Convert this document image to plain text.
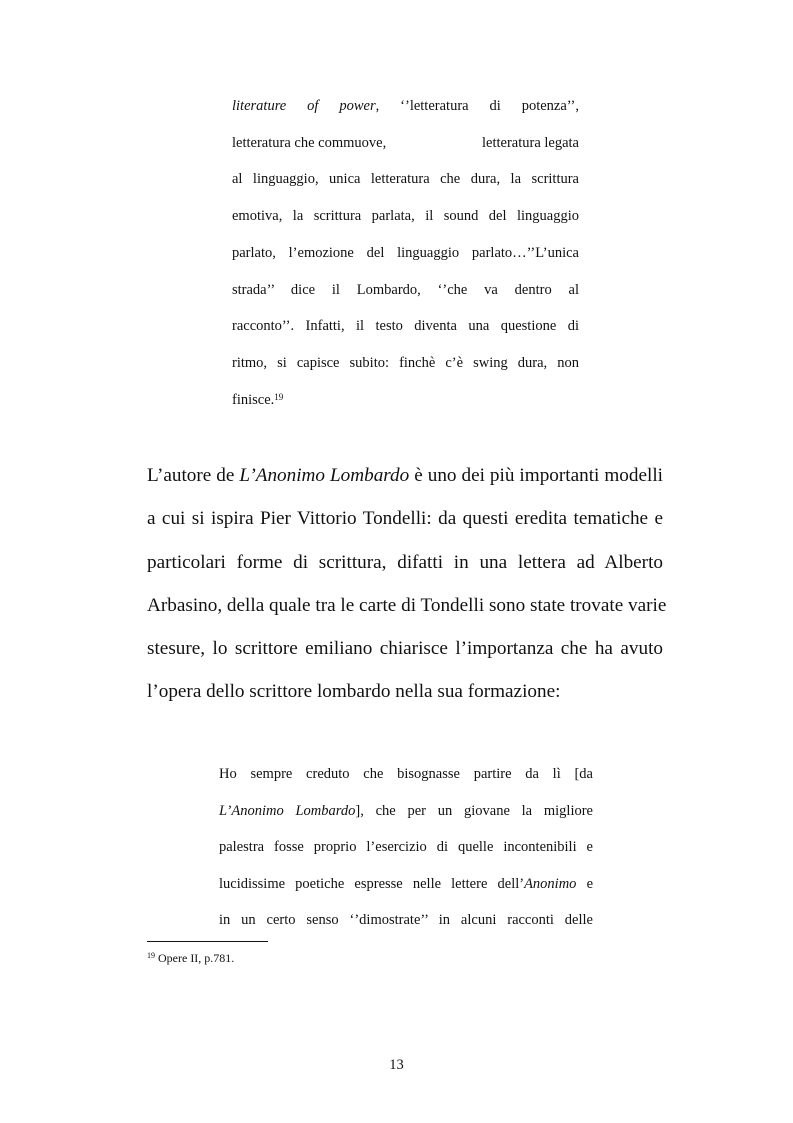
literature of power, ‘’letteratura di potenza’’,
letteratura che commuove,	letteratura legata
al linguaggio, unica letteratura che dura, la scrittura
emotiva, la scrittura parlata, il sound del linguaggio
parlato, l’emozione del linguaggio parlato…’’L’unica
strada’’ dice il Lombardo, ‘’che va dentro al
racconto’’. Infatti, il testo diventa una questione di
ritmo, si capisce subito: finchè c’è swing dura, non
finisce.$^{19}$
L’autore de L’Anonimo Lombardo è uno dei più importanti modelli
a cui si ispira Pier Vittorio Tondelli: da questi eredita tematiche e
particolari forme di scrittura, difatti in una lettera ad Alberto
Arbasino, della quale tra le carte di Tondelli sono state trovate varie
stesure, lo scrittore emiliano chiarisce l’importanza che ha avuto
l’opera dello scrittore lombardo nella sua formazione:
Ho sempre creduto che bisognasse partire da lì [da
L’Anonimo Lombardo], che per un giovane la migliore
palestra fosse proprio l’esercizio di quelle incontenibili e
lucidissime poetiche espresse nelle lettere dell’Anonimo e
in un certo senso ‘’dimostrate’’ in alcuni racconti delle
$^{19}$ Opere II, p.781.
13
